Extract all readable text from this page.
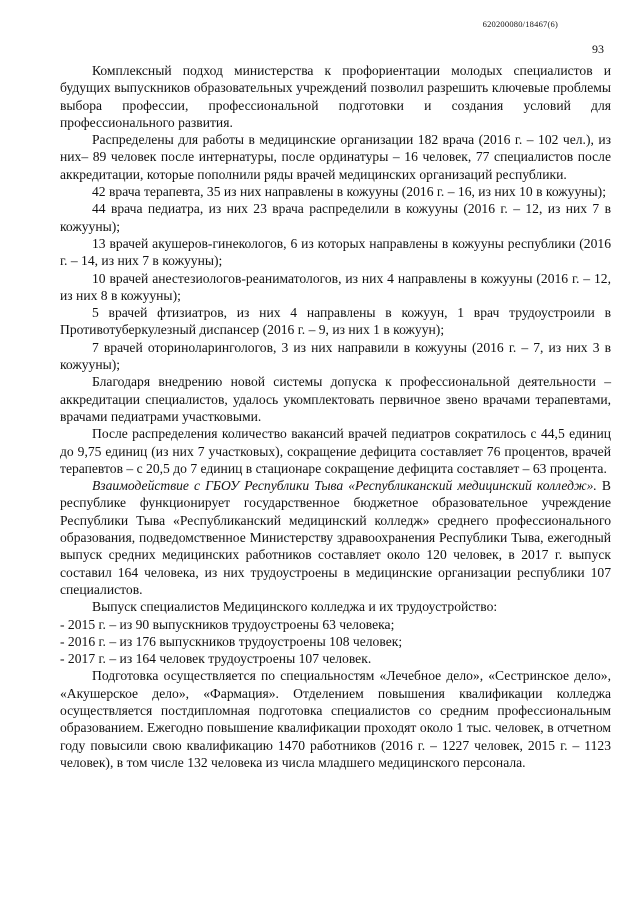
620200080/18467(6)
93

Комплексный подход министерства к профориентации молодых специалистов и будущих выпускников образовательных учреждений позволил разрешить ключевые проблемы выбора профессии, профессиональной подготовки и создания условий для профессионального развития.

Распределены для работы в медицинские организации 182 врача (2016 г. – 102 чел.), из них– 89 человек после интернатуры, после ординатуры – 16 человек, 77 специалистов после аккредитации, которые пополнили ряды врачей медицинских организаций республики.

42 врача терапевта, 35 из них направлены в кожууны (2016 г. – 16, из них 10 в кожууны);

44 врача педиатра, из них 23 врача распределили в кожууны (2016 г. – 12, из них 7 в кожууны);

13 врачей акушеров-гинекологов, 6 из которых направлены в кожууны республики (2016 г. – 14, из них 7 в кожууны);

10 врачей анестезиологов-реаниматологов, из них 4 направлены в кожууны (2016 г. – 12, из них 8 в кожууны);

5 врачей фтизиатров, из них 4 направлены в кожуун, 1 врач трудоустроили в Противотуберкулезный диспансер (2016 г. – 9, из них 1 в кожуун);

7 врачей оториноларингологов, 3 из них направили в кожууны (2016 г. – 7, из них 3 в кожууны);

Благодаря внедрению новой системы допуска к профессиональной деятельности – аккредитации специалистов, удалось укомплектовать первичное звено врачами терапевтами, врачами педиатрами участковыми.

После распределения количество вакансий врачей педиатров сократилось с 44,5 единиц до 9,75 единиц (из них 7 участковых), сокращение дефицита составляет 76 процентов, врачей терапевтов – с 20,5 до 7 единиц в стационаре сокращение дефицита составляет – 63 процента.

Взаимодействие с ГБОУ Республики Тыва «Республиканский медицинский колледж». В республике функционирует государственное бюджетное образовательное учреждение Республики Тыва «Республиканский медицинский колледж» среднего профессионального образования, подведомственное Министерству здравоохранения Республики Тыва, ежегодный выпуск средних медицинских работников составляет около 120 человек, в 2017 г. выпуск составил 164 человека, из них трудоустроены в медицинские организации республики 107 специалистов.

Выпуск специалистов Медицинского колледжа и их трудоустройство:

- 2015 г. – из 90 выпускников трудоустроены 63 человека;

- 2016 г. – из 176 выпускников трудоустроены 108 человек;

- 2017 г. – из 164 человек трудоустроены 107 человек.

Подготовка осуществляется по специальностям «Лечебное дело», «Сестринское дело», «Акушерское дело», «Фармация». Отделением повышения квалификации колледжа осуществляется постдипломная подготовка специалистов со средним профессиональным образованием. Ежегодно повышение квалификации проходят около 1 тыс. человек, в отчетном году повысили свою квалификацию 1470 работников (2016 г. – 1227 человек, 2015 г. – 1123 человек), в том числе 132 человека из числа младшего медицинского персонала.
